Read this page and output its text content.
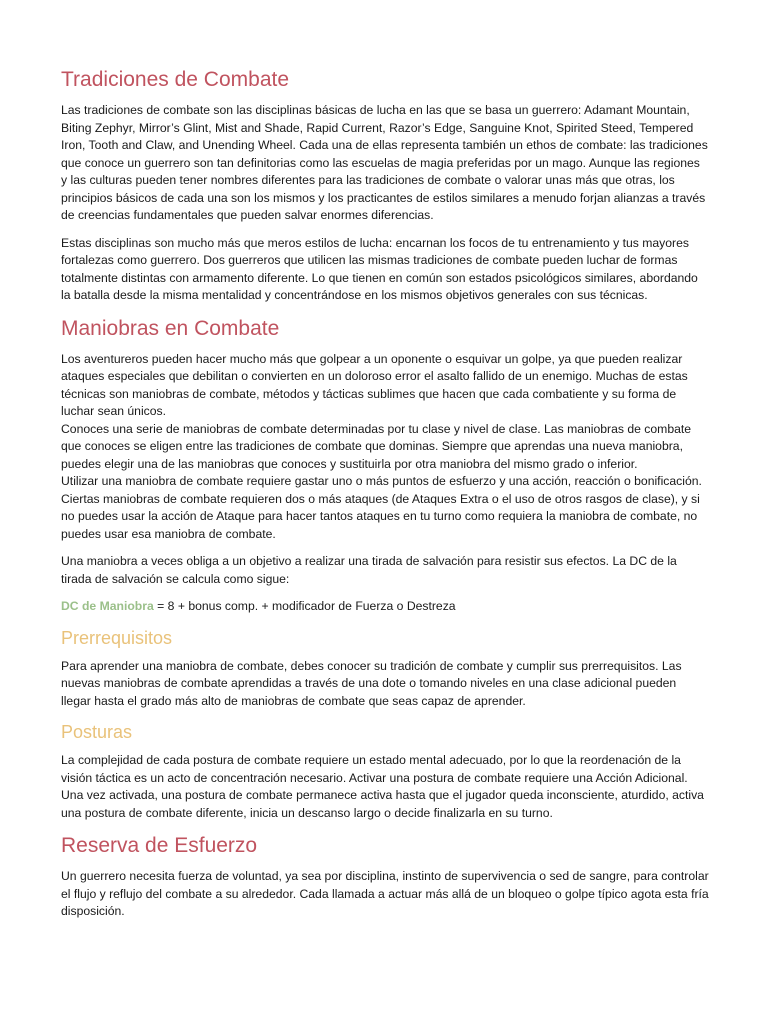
Tradiciones de Combate

Las tradiciones de combate son las disciplinas básicas de lucha en las que se basa un guerrero: Adamant Mountain, Biting Zephyr, Mirror’s Glint, Mist and Shade, Rapid Current, Razor’s Edge, Sanguine Knot, Spirited Steed, Tempered Iron, Tooth and Claw, and Unending Wheel. Cada una de ellas representa también un ethos de combate: las tradiciones que conoce un guerrero son tan definitorias como las escuelas de magia preferidas por un mago. Aunque las regiones y las culturas pueden tener nombres diferentes para las tradiciones de combate o valorar unas más que otras, los principios básicos de cada una son los mismos y los practicantes de estilos similares a menudo forjan alianzas a través de creencias fundamentales que pueden salvar enormes diferencias.

Estas disciplinas son mucho más que meros estilos de lucha: encarnan los focos de tu entrenamiento y tus mayores fortalezas como guerrero. Dos guerreros que utilicen las mismas tradiciones de combate pueden luchar de formas totalmente distintas con armamento diferente. Lo que tienen en común son estados psicológicos similares, abordando la batalla desde la misma mentalidad y concentrándose en los mismos objetivos generales con sus técnicas.

Maniobras en Combate

Los aventureros pueden hacer mucho más que golpear a un oponente o esquivar un golpe, ya que pueden realizar ataques especiales que debilitan o convierten en un doloroso error el asalto fallido de un enemigo. Muchas de estas técnicas son maniobras de combate, métodos y tácticas sublimes que hacen que cada combatiente y su forma de luchar sean únicos.

Conoces una serie de maniobras de combate determinadas por tu clase y nivel de clase. Las maniobras de combate que conoces se eligen entre las tradiciones de combate que dominas. Siempre que aprendas una nueva maniobra, puedes elegir una de las maniobras que conoces y sustituirla por otra maniobra del mismo grado o inferior.

Utilizar una maniobra de combate requiere gastar uno o más puntos de esfuerzo y una acción, reacción o bonificación. Ciertas maniobras de combate requieren dos o más ataques (de Ataques Extra o el uso de otros rasgos de clase), y si no puedes usar la acción de Ataque para hacer tantos ataques en tu turno como requiera la maniobra de combate, no puedes usar esa maniobra de combate.

Una maniobra a veces obliga a un objetivo a realizar una tirada de salvación para resistir sus efectos. La DC de la tirada de salvación se calcula como sigue:

DC de Maniobra = 8 + bonus comp. + modificador de Fuerza o Destreza

Prerrequisitos

Para aprender una maniobra de combate, debes conocer su tradición de combate y cumplir sus prerrequisitos. Las nuevas maniobras de combate aprendidas a través de una dote o tomando niveles en una clase adicional pueden llegar hasta el grado más alto de maniobras de combate que seas capaz de aprender.

Posturas

La complejidad de cada postura de combate requiere un estado mental adecuado, por lo que la reordenación de la visión táctica es un acto de concentración necesario. Activar una postura de combate requiere una Acción Adicional. Una vez activada, una postura de combate permanece activa hasta que el jugador queda inconsciente, aturdido, activa una postura de combate diferente, inicia un descanso largo o decide finalizarla en su turno.

Reserva de Esfuerzo

Un guerrero necesita fuerza de voluntad, ya sea por disciplina, instinto de supervivencia o sed de sangre, para controlar el flujo y reflujo del combate a su alrededor. Cada llamada a actuar más allá de un bloqueo o golpe típico agota esta fría disposición.
